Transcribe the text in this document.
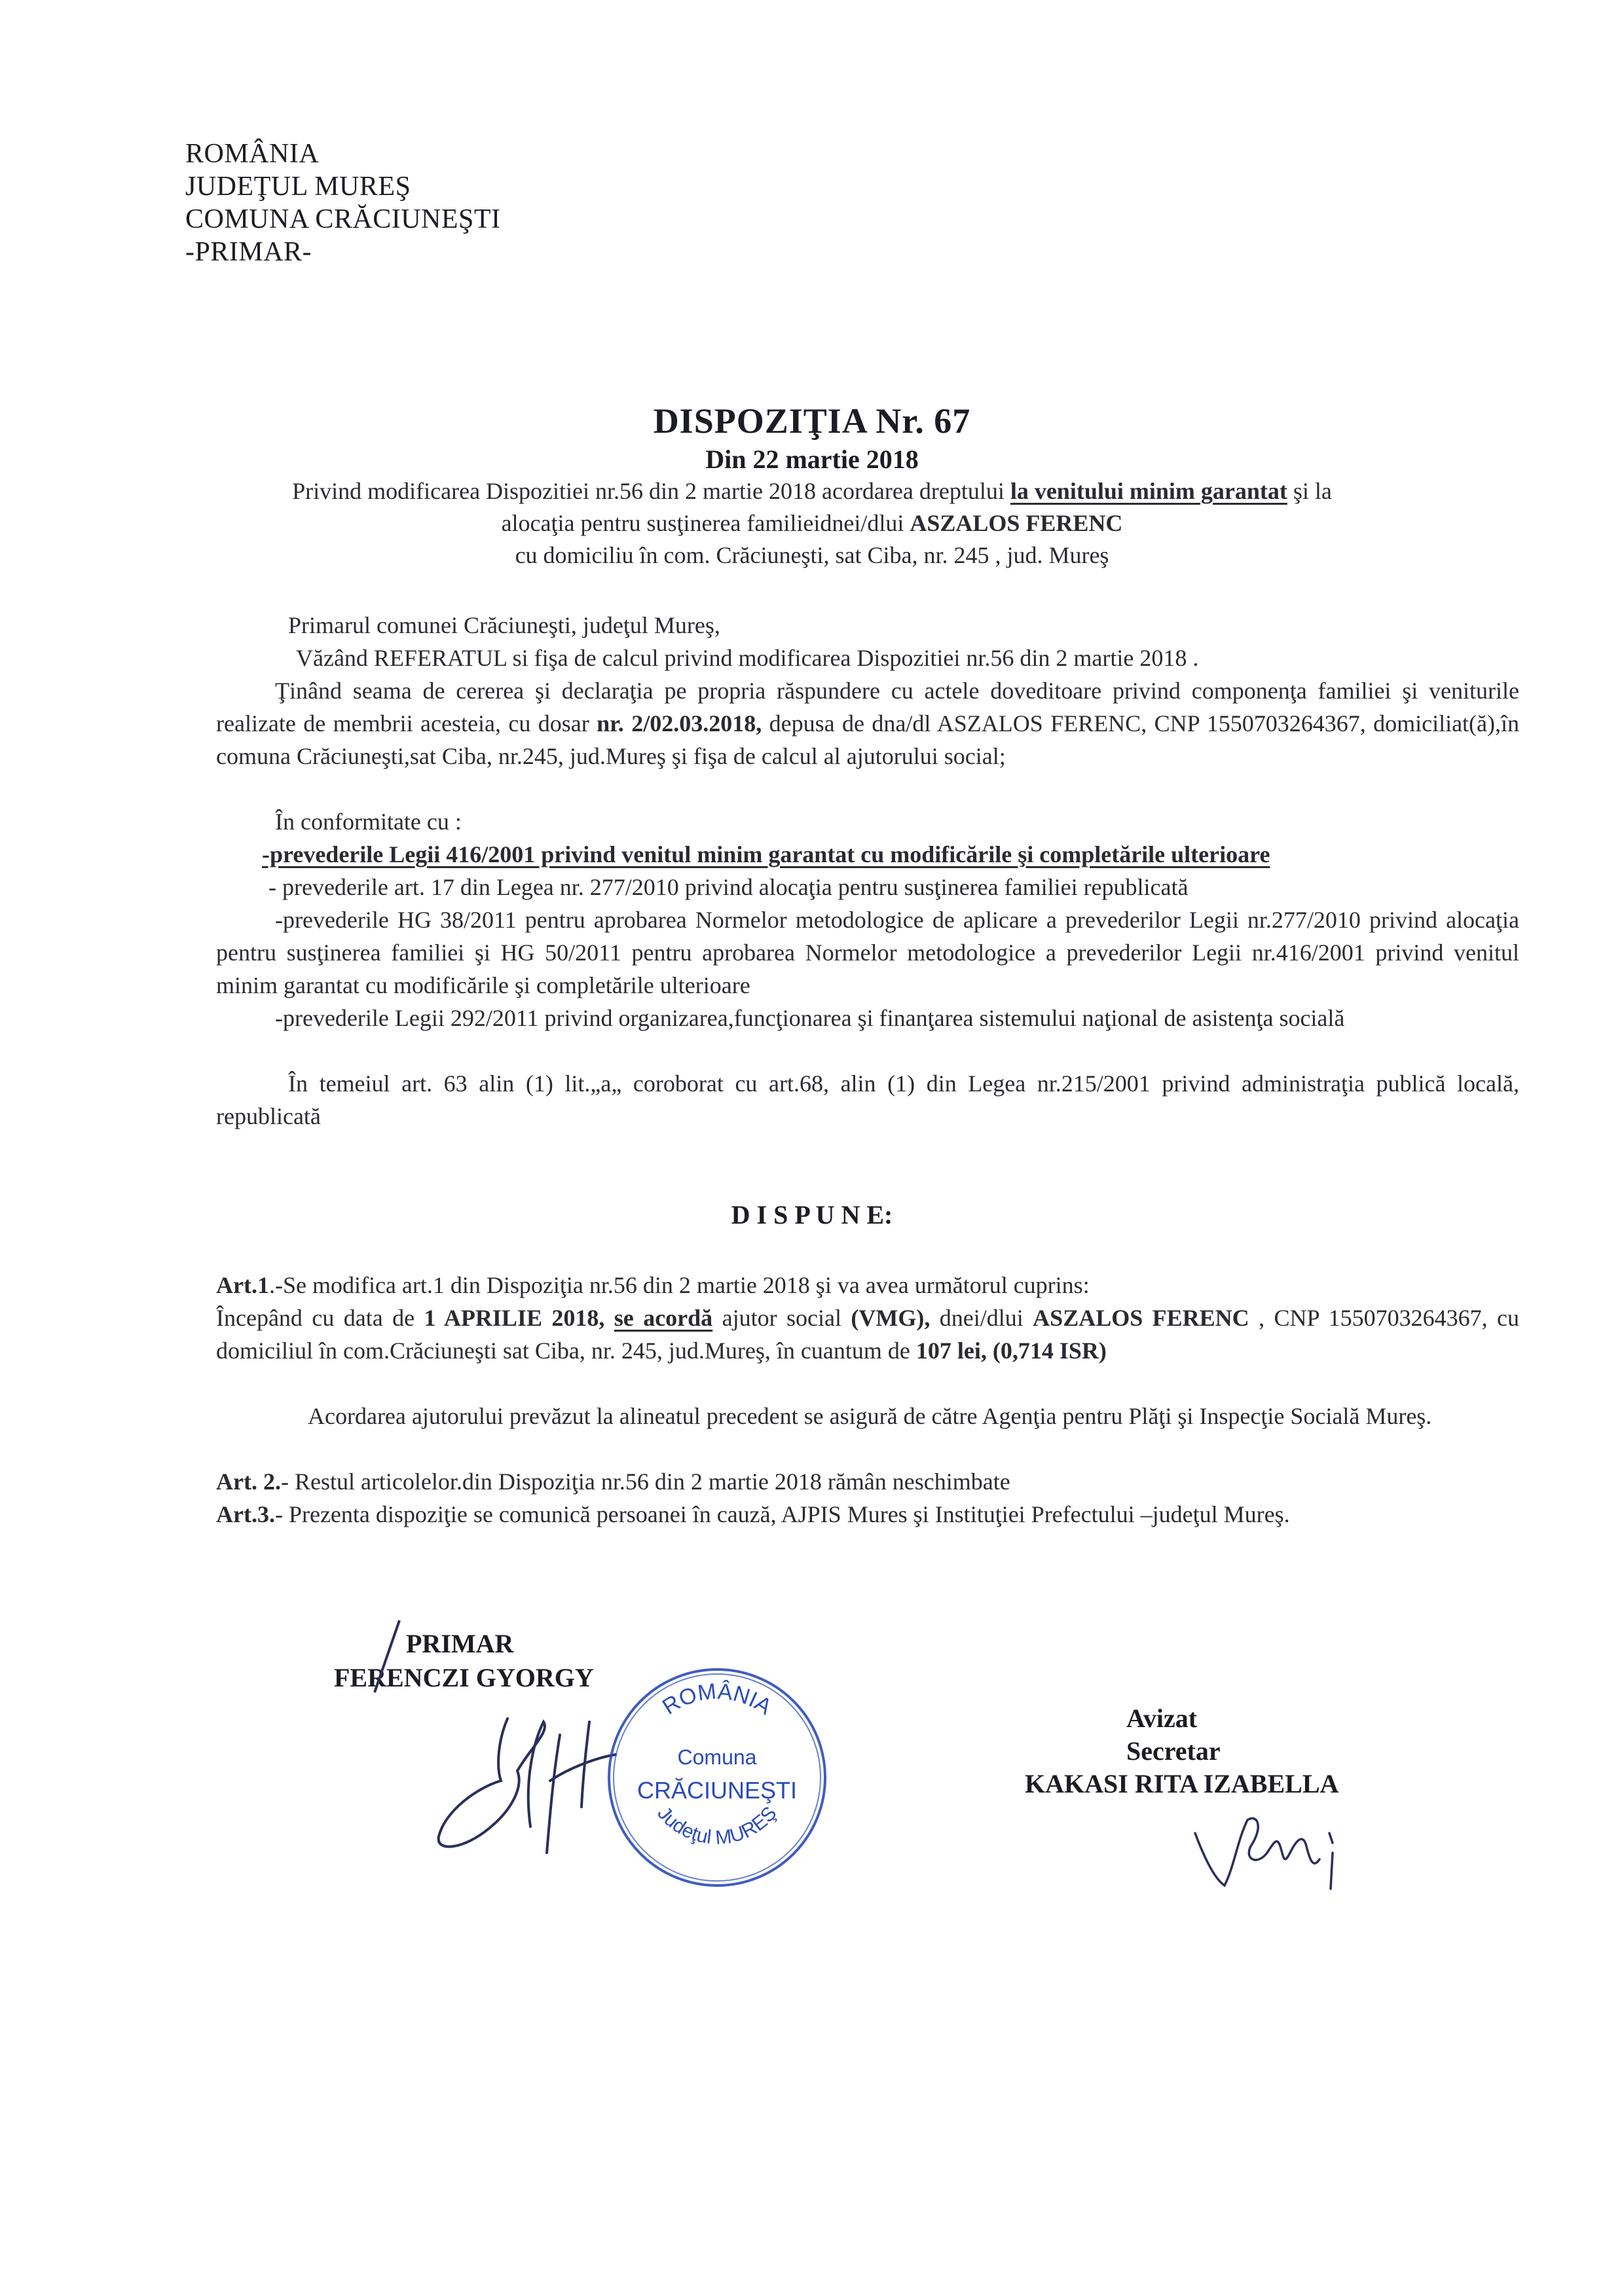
ROMÂNIA
JUDEŢUL MUREŞ
COMUNA CRĂCIUNEŞTI
-PRIMAR-
DISPOZIŢIA Nr. 67
Din 22 martie 2018
Privind modificarea Dispozitiei nr.56 din 2 martie 2018 acordarea dreptului la venitului minim garantat şi la
alocaţia pentru susţinerea familieidnei/dlui ASZALOS FERENC
cu domiciliu în com. Crăciuneşti, sat Ciba, nr. 245 , jud. Mureş
Primarul comunei Crăciuneşti, judeţul Mureş,
Văzând REFERATUL si fişa de calcul privind modificarea Dispozitiei nr.56 din 2 martie 2018 .
Ţinând seama de cererea şi declaraţia pe propria răspundere cu actele doveditoare privind componenţa familiei şi veniturile realizate de membrii acesteia, cu dosar nr. 2/02.03.2018, depusa de dna/dl ASZALOS FERENC, CNP 1550703264367, domiciliat(ă),în comuna Crăciuneşti,sat Ciba, nr.245, jud.Mureş şi fişa de calcul al ajutorului social;
În conformitate cu :
-prevederile Legii 416/2001 privind venitul minim garantat cu modificările şi completările ulterioare
- prevederile art. 17 din Legea nr. 277/2010 privind alocaţia pentru susţinerea familiei republicată
-prevederile HG 38/2011 pentru aprobarea Normelor metodologice de aplicare a prevederilor Legii nr.277/2010 privind alocaţia pentru susţinerea familiei şi HG 50/2011 pentru aprobarea Normelor metodologice a prevederilor Legii nr.416/2001 privind venitul minim garantat cu modificările şi completările ulterioare
-prevederile Legii 292/2011 privind organizarea,funcţionarea şi finanţarea sistemului naţional de asistenţa socială
În temeiul art. 63 alin (1) lit.„a„ coroborat cu art.68, alin (1) din Legea nr.215/2001 privind administraţia publică locală, republicată
D I S P U N E:
Art.1.-Se modifica art.1 din Dispoziţia nr.56 din 2 martie 2018 şi va avea următorul cuprins:
Începând cu data de 1 APRILIE 2018, se acordă ajutor social (VMG), dnei/dlui ASZALOS FERENC , CNP 1550703264367, cu domiciliul în com.Crăciuneşti sat Ciba, nr. 245, jud.Mureş, în cuantum de 107 lei, (0,714 ISR)
Acordarea ajutorului prevăzut la alineatul precedent se asigură de către Agenţia pentru Plăţi şi Inspecţie Socială Mureş.
Art. 2.- Restul articolelor.din Dispoziţia nr.56 din 2 martie 2018 rămân neschimbate
Art.3.- Prezenta dispoziţie se comunică persoanei în cauză, AJPIS Mures şi Instituţiei Prefectului –judeţul Mureş.
PRIMAR
FERENCZI GYORGY
Avizat
Secretar
KAKASI RITA IZABELLA
ROMÂNIA
Comuna
CRĂCIUNEŞTI
Judeţul MUREŞ
